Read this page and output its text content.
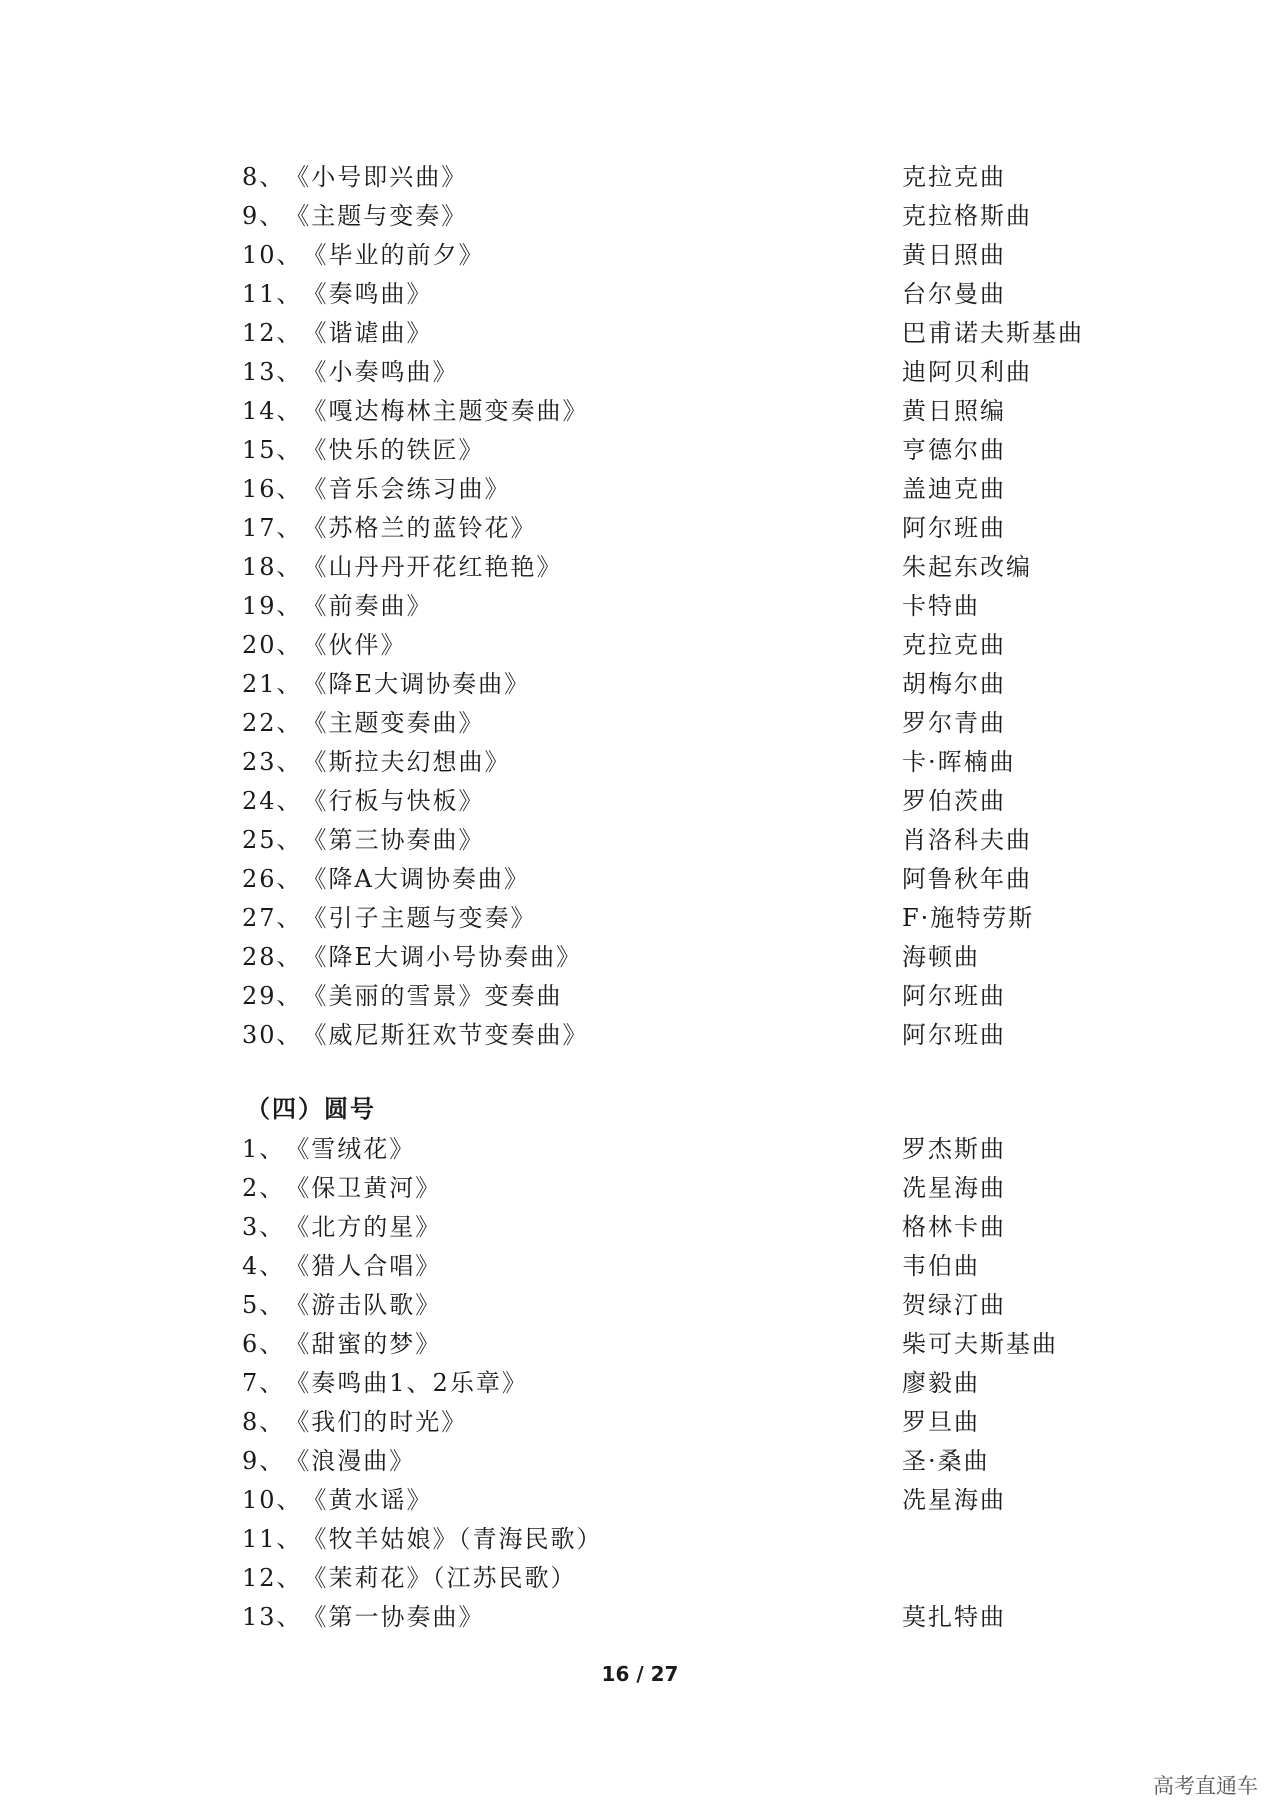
8、《小号即兴曲》	克拉克曲
9、《主题与变奏》	克拉格斯曲
10、《毕业的前夕》	黄日照曲
11、《奏鸣曲》	台尔曼曲
12、《谐谑曲》	巴甫诺夫斯基曲
13、《小奏鸣曲》	迪阿贝利曲
14、《嘎达梅林主题变奏曲》	黄日照编
15、《快乐的铁匠》	亨德尔曲
16、《音乐会练习曲》	盖迪克曲
17、《苏格兰的蓝铃花》	阿尔班曲
18、《山丹丹开花红艳艳》	朱起东改编
19、《前奏曲》	卡特曲
20、《伙伴》	克拉克曲
21、《降E大调协奏曲》	胡梅尔曲
22、《主题变奏曲》	罗尔青曲
23、《斯拉夫幻想曲》	卡·晖楠曲
24、《行板与快板》	罗伯茨曲
25、《第三协奏曲》	肖洛科夫曲
26、《降A大调协奏曲》	阿鲁秋年曲
27、《引子主题与变奏》	F·施特劳斯
28、《降E大调小号协奏曲》	海顿曲
29、《美丽的雪景》变奏曲	阿尔班曲
30、《威尼斯狂欢节变奏曲》	阿尔班曲
（四）圆号
1、《雪绒花》	罗杰斯曲
2、《保卫黄河》	冼星海曲
3、《北方的星》	格林卡曲
4、《猎人合唱》	韦伯曲
5、《游击队歌》	贺绿汀曲
6、《甜蜜的梦》	柴可夫斯基曲
7、《奏鸣曲1、2乐章》	廖毅曲
8、《我们的时光》	罗旦曲
9、《浪漫曲》	圣·桑曲
10、《黄水谣》	冼星海曲
11、《牧羊姑娘》（青海民歌）
12、《茉莉花》（江苏民歌）
13、《第一协奏曲》	莫扎特曲
16 / 27
高考直通车
